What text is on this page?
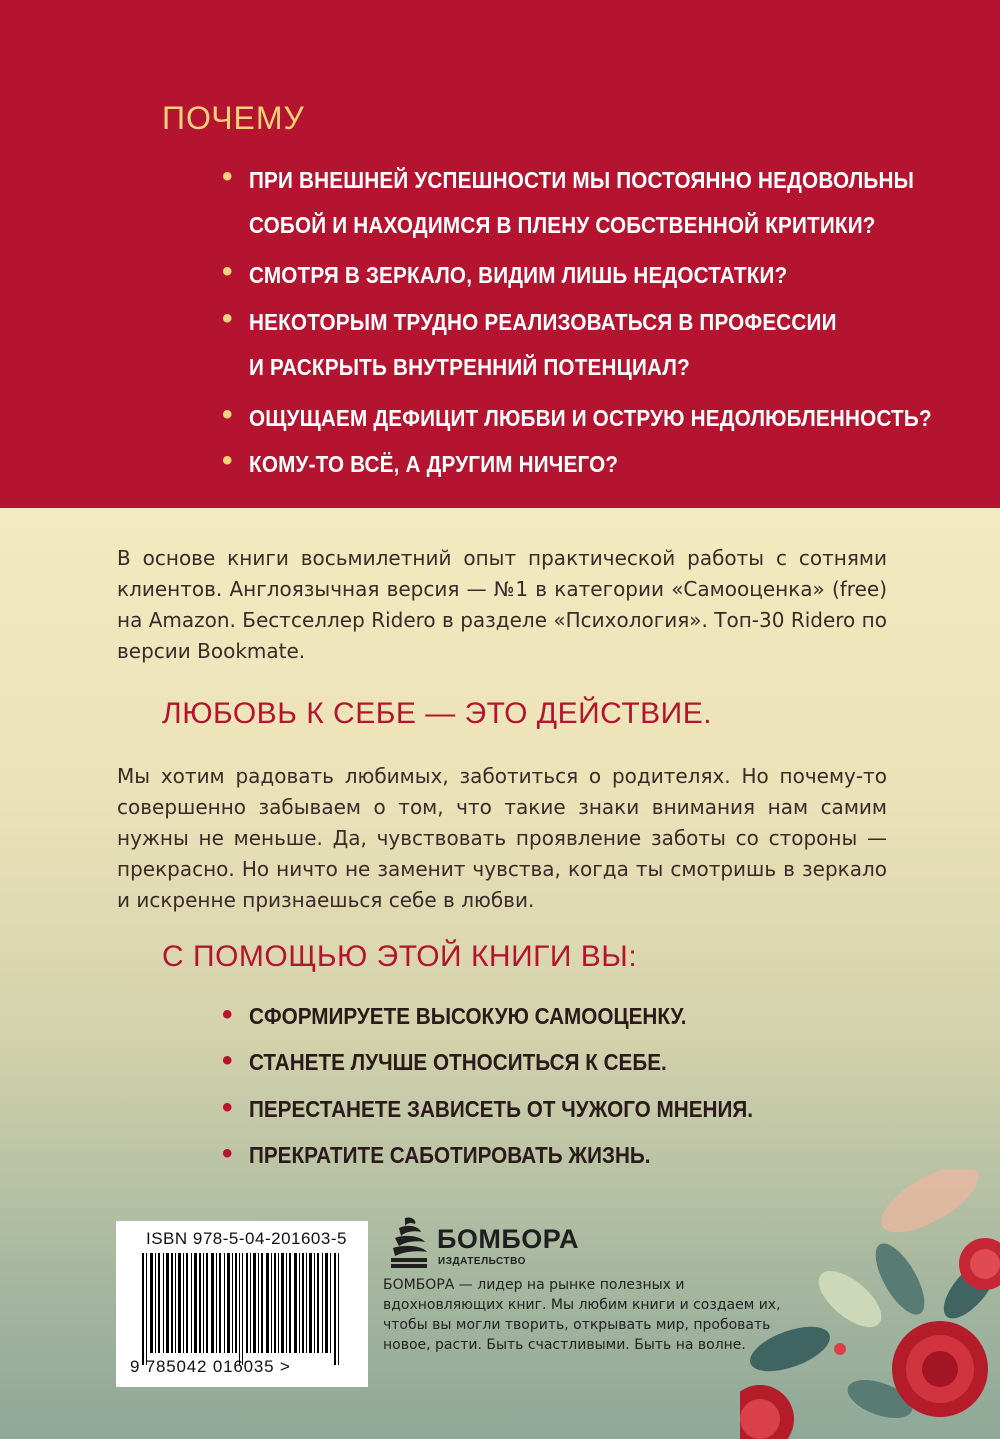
ПОЧЕМУ
• ПРИ ВНЕШНЕЙ УСПЕШНОСТИ МЫ ПОСТОЯННО НЕДОВОЛЬНЫ
СОБОЙ И НАХОДИМСЯ В ПЛЕНУ СОБСТВЕННОЙ КРИТИКИ?
• СМОТРЯ В ЗЕРКАЛО, ВИДИМ ЛИШЬ НЕДОСТАТКИ?
• НЕКОТОРЫМ ТРУДНО РЕАЛИЗОВАТЬСЯ В ПРОФЕССИИ
И РАСКРЫТЬ ВНУТРЕННИЙ ПОТЕНЦИАЛ?
• ОЩУЩАЕМ ДЕФИЦИТ ЛЮБВИ И ОСТРУЮ НЕДОЛЮБЛЕННОСТЬ?
• КОМУ-ТО ВСЁ, А ДРУГИМ НИЧЕГО?
В основе книги восьмилетний опыт практической работы с сотнями клиентов. Англоязычная версия — №1 в категории «Самооценка» (free) на Amazon. Бестселлер Ridero в разделе «Психология». Топ-30 Ridero по версии Bookmate.
ЛЮБОВЬ К СЕБЕ — ЭТО ДЕЙСТВИЕ.
Мы хотим радовать любимых, заботиться о родителях. Но почему-то совершенно забываем о том, что такие знаки внимания нам самим нужны не меньше. Да, чувствовать проявление заботы со стороны — прекрасно. Но ничто не заменит чувства, когда ты смотришь в зеркало и искренне признаешься себе в любви.
С ПОМОЩЬЮ ЭТОЙ КНИГИ ВЫ:
• СФОРМИРУЕТЕ ВЫСОКУЮ САМООЦЕНКУ.
• СТАНЕТЕ ЛУЧШЕ ОТНОСИТЬСЯ К СЕБЕ.
• ПЕРЕСТАНЕТЕ ЗАВИСЕТЬ ОТ ЧУЖОГО МНЕНИЯ.
• ПРЕКРАТИТЕ САБОТИРОВАТЬ ЖИЗНЬ.
ISBN 978-5-04-201603-5
9 785042 016035 >
БОМБОРА
ИЗДАТЕЛЬСТВО
БОМБОРА — лидер на рынке полезных и вдохновляющих книг. Мы любим книги и создаем их, чтобы вы могли творить, открывать мир, пробовать новое, расти. Быть счастливыми. Быть на волне.
